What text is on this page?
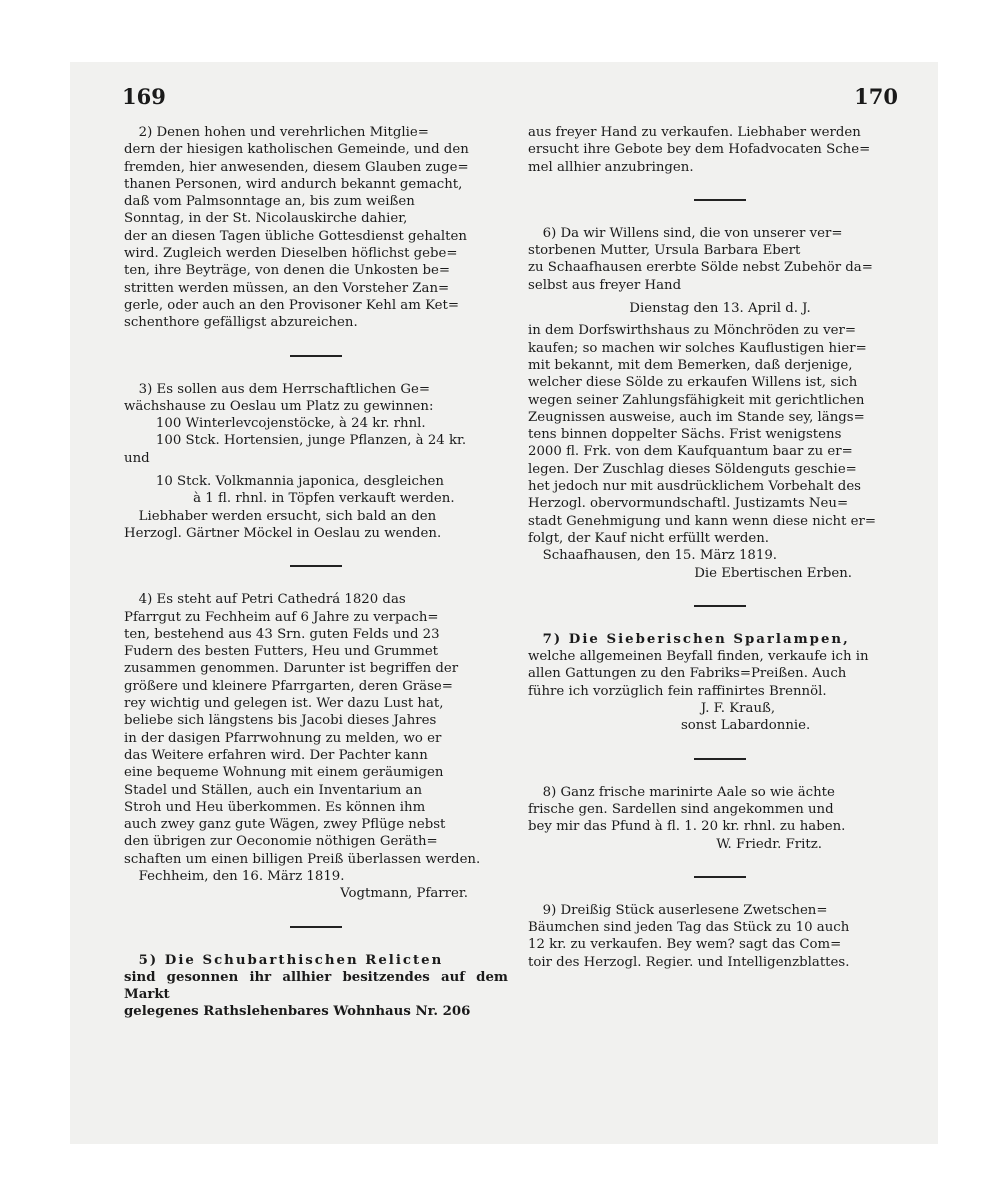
169	170

2) Denen hohen und verehrlichen Mitglie=

dern der hiesigen katholischen Gemeinde, und den

fremden, hier anwesenden, diesem Glauben zuge=

thanen Personen, wird andurch bekannt gemacht,

daß vom Palmsonntage an, bis zum weißen

Sonntag, in der St. Nicolauskirche dahier,

der an diesen Tagen übliche Gottesdienst gehalten

wird. Zugleich werden Dieselben höflichst gebe=

ten, ihre Beyträge, von denen die Unkosten be=

stritten werden müssen, an den Vorsteher Zan=

gerle, oder auch an den Provisoner Kehl am Ket=

schenthore gefälligst abzureichen.

3) Es sollen aus dem Herrschaftlichen Ge=

wächshause zu Oeslau um Platz zu gewinnen:

100 Winterlevcojenstöcke, à 24 kr. rhnl.

100 Stck. Hortensien, junge Pflanzen, à 24 kr.

und

10 Stck. Volkmannia japonica, desgleichen

à 1 fl. rhnl. in Töpfen verkauft werden.

Liebhaber werden ersucht, sich bald an den

Herzogl. Gärtner Möckel in Oeslau zu wenden.

4) Es steht auf Petri Cathedrá 1820 das

Pfarrgut zu Fechheim auf 6 Jahre zu verpach=

ten, bestehend aus 43 Srn. guten Felds und 23

Fudern des besten Futters, Heu und Grummet

zusammen genommen. Darunter ist begriffen der

größere und kleinere Pfarrgarten, deren Gräse=

rey wichtig und gelegen ist. Wer dazu Lust hat,

beliebe sich längstens bis Jacobi dieses Jahres

in der dasigen Pfarrwohnung zu melden, wo er

das Weitere erfahren wird. Der Pachter kann

eine bequeme Wohnung mit einem geräumigen

Stadel und Ställen, auch ein Inventarium an

Stroh und Heu überkommen. Es können ihm

auch zwey ganz gute Wägen, zwey Pflüge nebst

den übrigen zur Oeconomie nöthigen Geräth=

schaften um einen billigen Preiß überlassen werden.

Fechheim, den 16. März 1819.

Vogtmann, Pfarrer.

5) Die Schubarthischen Relicten

sind gesonnen ihr allhier besitzendes auf dem Markt

gelegenes Rathslehenbares Wohnhaus Nr. 206

aus freyer Hand zu verkaufen. Liebhaber werden

ersucht ihre Gebote bey dem Hofadvocaten Sche=

mel allhier anzubringen.

6) Da wir Willens sind, die von unserer ver=

storbenen Mutter, Ursula Barbara Ebert

zu Schaafhausen ererbte Sölde nebst Zubehör da=

selbst aus freyer Hand

Dienstag den 13. April d. J.

in dem Dorfswirthshaus zu Mönchröden zu ver=

kaufen; so machen wir solches Kauflustigen hier=

mit bekannt, mit dem Bemerken, daß derjenige,

welcher diese Sölde zu erkaufen Willens ist, sich

wegen seiner Zahlungsfähigkeit mit gerichtlichen

Zeugnissen ausweise, auch im Stande sey, längs=

tens binnen doppelter Sächs. Frist wenigstens

2000 fl. Frk. von dem Kaufquantum baar zu er=

legen. Der Zuschlag dieses Söldenguts geschie=

het jedoch nur mit ausdrücklichem Vorbehalt des

Herzogl. obervormundschaftl. Justizamts Neu=

stadt Genehmigung und kann wenn diese nicht er=

folgt, der Kauf nicht erfüllt werden.

Schaafhausen, den 15. März 1819.

Die Ebertischen Erben.

7) Die Sieberischen Sparlampen,

welche allgemeinen Beyfall finden, verkaufe ich in

allen Gattungen zu den Fabriks=Preißen. Auch

führe ich vorzüglich fein raffinirtes Brennöl.

J. F. Krauß,

sonst Labardonnie.

8) Ganz frische marinirte Aale so wie ächte

frische gen. Sardellen sind angekommen und

bey mir das Pfund à fl. 1. 20 kr. rhnl. zu haben.

W. Friedr. Fritz.

9) Dreißig Stück auserlesene Zwetschen=

Bäumchen sind jeden Tag das Stück zu 10 auch

12 kr. zu verkaufen. Bey wem? sagt das Com=

toir des Herzogl. Regier. und Intelligenzblattes.
